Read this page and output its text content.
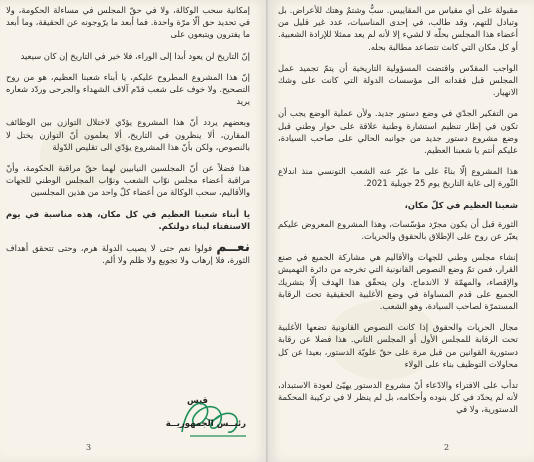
إمكانية سحب الوكالة، ولا في حقّ المجلس في مساءلة الحكومة، ولا في تحديد حق ألّا مرّة واحدة. فما أبعد ما يرّوجونه عن الحقيقة، وما أبعد ما يفترون ويتبعون على

إنّ التاريخ لن يعود أبدا إلى الوراء، فلا خير في التاريخ إن كان سيعيد

إنّ هذا المشروع المطروح عليكم، يا أبناء شعبنا العظيم، هو من روح التصحيح. ولا خوف على شعب قدّم آلاف الشهداء والجرحى وردّد شعاره يريد

وبعضهم يردد أنّ هذا المشروع يؤدّي لاختلال التوازن بين الوظائف المقارن، ألا ينظرون في التاريخ، ألا يعلمون أنّ التوازن يختل لا بالنصوص، ولكن بأنّ هذا المشروع يؤدّي الى تقليص الدّولة

هذا فضلاً عن أنّ المجلسين النيابيين لهما حقّ مراقبة الحكومة، وأنّ مراقبة أعضاء مجلس نوّاب الشعب ونوّاب المجلس الوطني للجهات والأقاليم، سحب الوكالة من أعضاء كلّ واحد من هذين المجلسين

يا أبناء شعبنا العظيم في كل مكان، هذه مناسبة في يوم الاستفتاء لبناء دولتكم.

نعــم فولوا نعم حتى لا يصيب الدولة هرم، وحتى تتحقق أهداف الثورة، فلا إرهاب ولا تجويع ولا ظلم ولا ألم.

قيس
رئيــس الجمهوريــة
3

مقبولة على أي مقياس من المقاييس. سبٌّ وشتمٌ وهتك للأعراض. بل وتبادل للتهم، وقد طالب، في إحدى المناسبات، عدد غير قليل من أعضاء هذا المجلس بحلّه لا لشيء إلا لأنه لم يعد ممثلا للإرادة الشعبية. أو كل مكان التي كانت تتصاعد مطالبة بحله.

الواجب المقدّس واقتضت المسؤولية التاريخية أن يتمّ تجميد عمل المجلس قبل فقدانه الى مؤسسات الدولة التي كانت على وشك الانهيار.

من التفكير الجدّي في وضع دستور جديد. ولأن عملية الوضع يجب أن تكون في إطار تنظيم استشارة وطنية علاقة على حوار وطني قبل وضع مشروع دستور جديد من جوانبه الحالي على صاحب السيادة، عليكم أنتم يا شعبنا العظيم.

هذا المشروع إلّا بناءً على ما عبّر عنه الشعب التونسي منذ اندلاع الثّورة إلى غاية التاريخ يوم 25 جويلية 2021.

شعبنا العظيم في كلّ مكان،

الثورة قبل أن يكون مجرّد مؤسّسات، وهذا المشروع المعروض عليكم يعبّر عن روح على الإطلاق بالحقوق والحريات.

إنشاء مجلس وطني للجهات والأقاليم هي مشاركة الجميع في صنع القرار، فمن تمّ وضع النصوص القانونية التي تخرجه من دائرة التهميش والإقصاء، والمهمّة لا الاندماج. ولن يتحقّق هذا الهدف إلّا بتشريك الجميع على قدم المساواة في وضع الأغلبية الحقيقية تحت الرقابة المستمرّة لصاحب السيادة، وهو الشعب.

مجال الحريات والحقوق إذا كانت النصوص القانونية تضعها الأغلبية تحت الرقابة للمجلس الأول أو المجلس الثاني. هذا فضلا عن رقابة دستورية القوانين من قبل مرة على حقّ علويّة الدستور، بعيدا عن كل محاولات التوظيف بناء على الولاء

تدأب على الافتراء والادّعاء أنّ مشروع الدستور يهيّئ لعودة الاستبداد، لأنه لم يحدّد في كل بنوده وأحكامه، بل لم ينظر لا في تركيبة المحكمة الدستورية، ولا في

2
